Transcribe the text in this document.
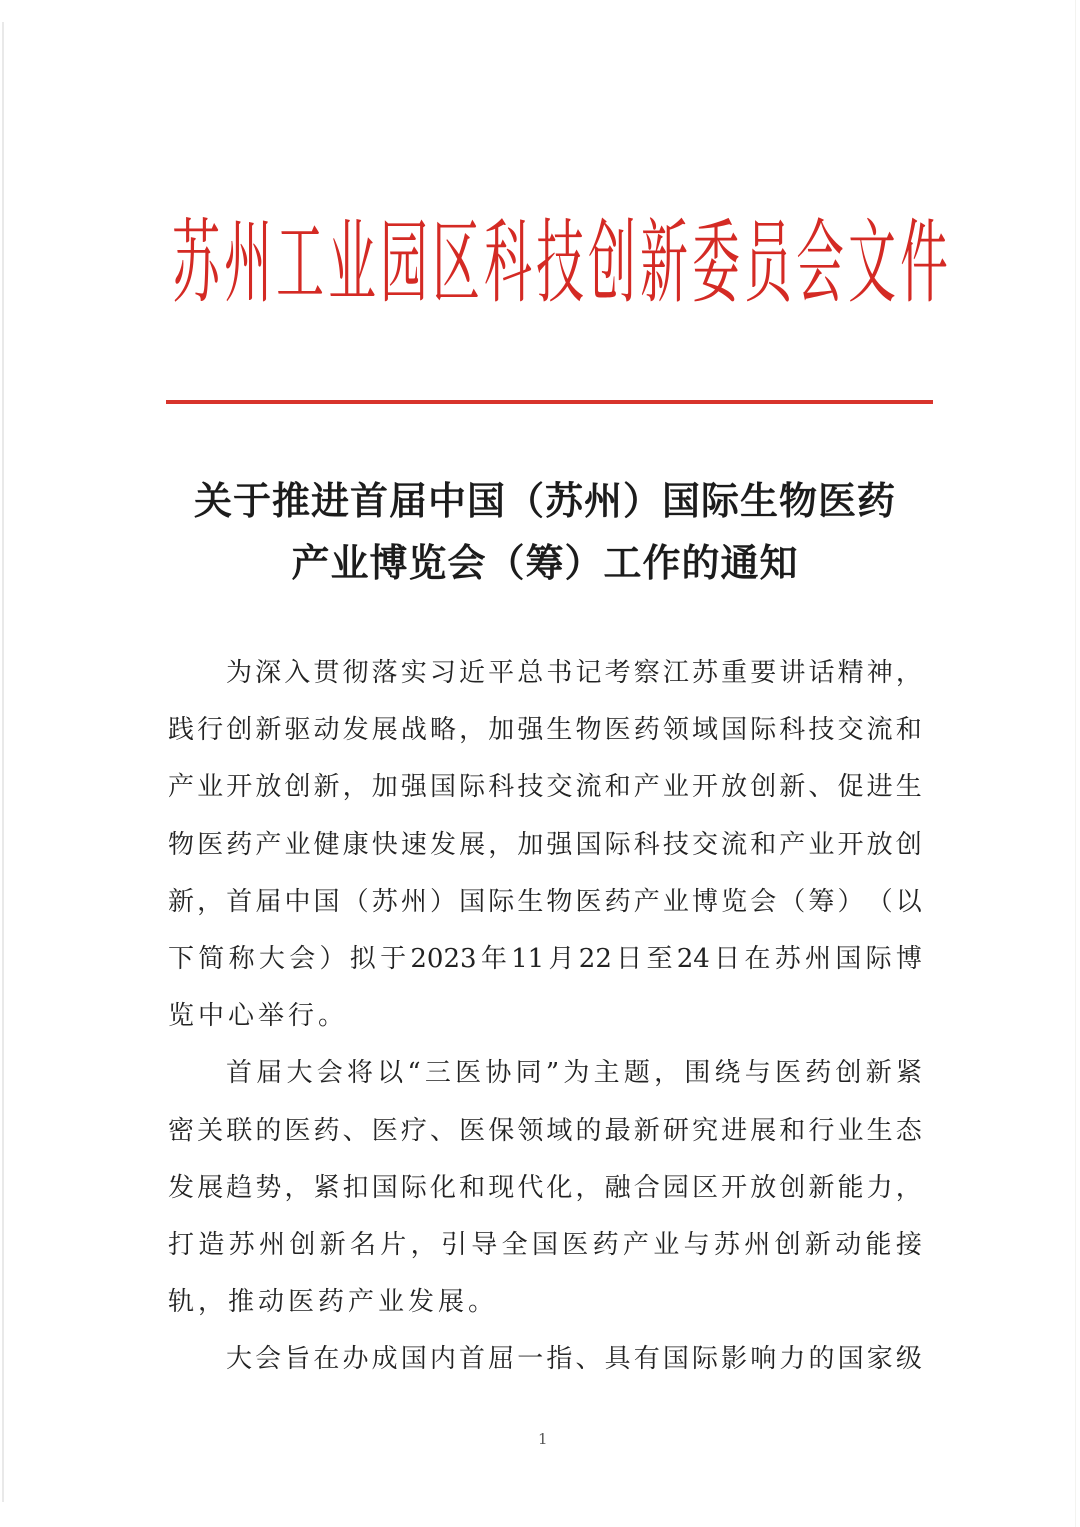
苏 州 工 业 园 区 科 技 创 新 委 员 会 文 件
关于推进首届中国（苏州）国际生物医药
产业博览会（筹）工作的通知
为 深 入 贯 彻 落 实 习 近 平 总 书 记 考 察 江 苏 重 要 讲 话 精 神 ，
践 行 创 新 驱 动 发 展 战 略 ， 加 强 生 物 医 药 领 域 国 际 科 技 交 流 和
产 业 开 放 创 新 ， 加 强 国 际 科 技 交 流 和 产 业 开 放 创 新 、 促 进 生
物 医 药 产 业 健 康 快 速 发 展 ， 加 强 国 际 科 技 交 流 和 产 业 开 放 创
新 ， 首 届 中 国 （ 苏 州 ） 国 际 生 物 医 药 产 业 博 览 会 （ 筹 ） （ 以
下 简 称 大 会 ） 拟 于 2023 年 11 月 22 日 至 24 日 在 苏 州 国 际 博
览中心举行。
首 届 大 会 将 以 “ 三 医 协 同 ” 为 主 题 ， 围 绕 与 医 药 创 新 紧
密 关 联 的 医 药 、 医 疗 、 医 保 领 域 的 最 新 研 究 进 展 和 行 业 生 态
发 展 趋 势 ， 紧 扣 国 际 化 和 现 代 化 ， 融 合 园 区 开 放 创 新 能 力 ，
打 造 苏 州 创 新 名 片 ， 引 导 全 国 医 药 产 业 与 苏 州 创 新 动 能 接
轨，推动医药产业发展。
大 会 旨 在 办 成 国 内 首 屈 一 指 、 具 有 国 际 影 响 力 的 国 家 级
1
